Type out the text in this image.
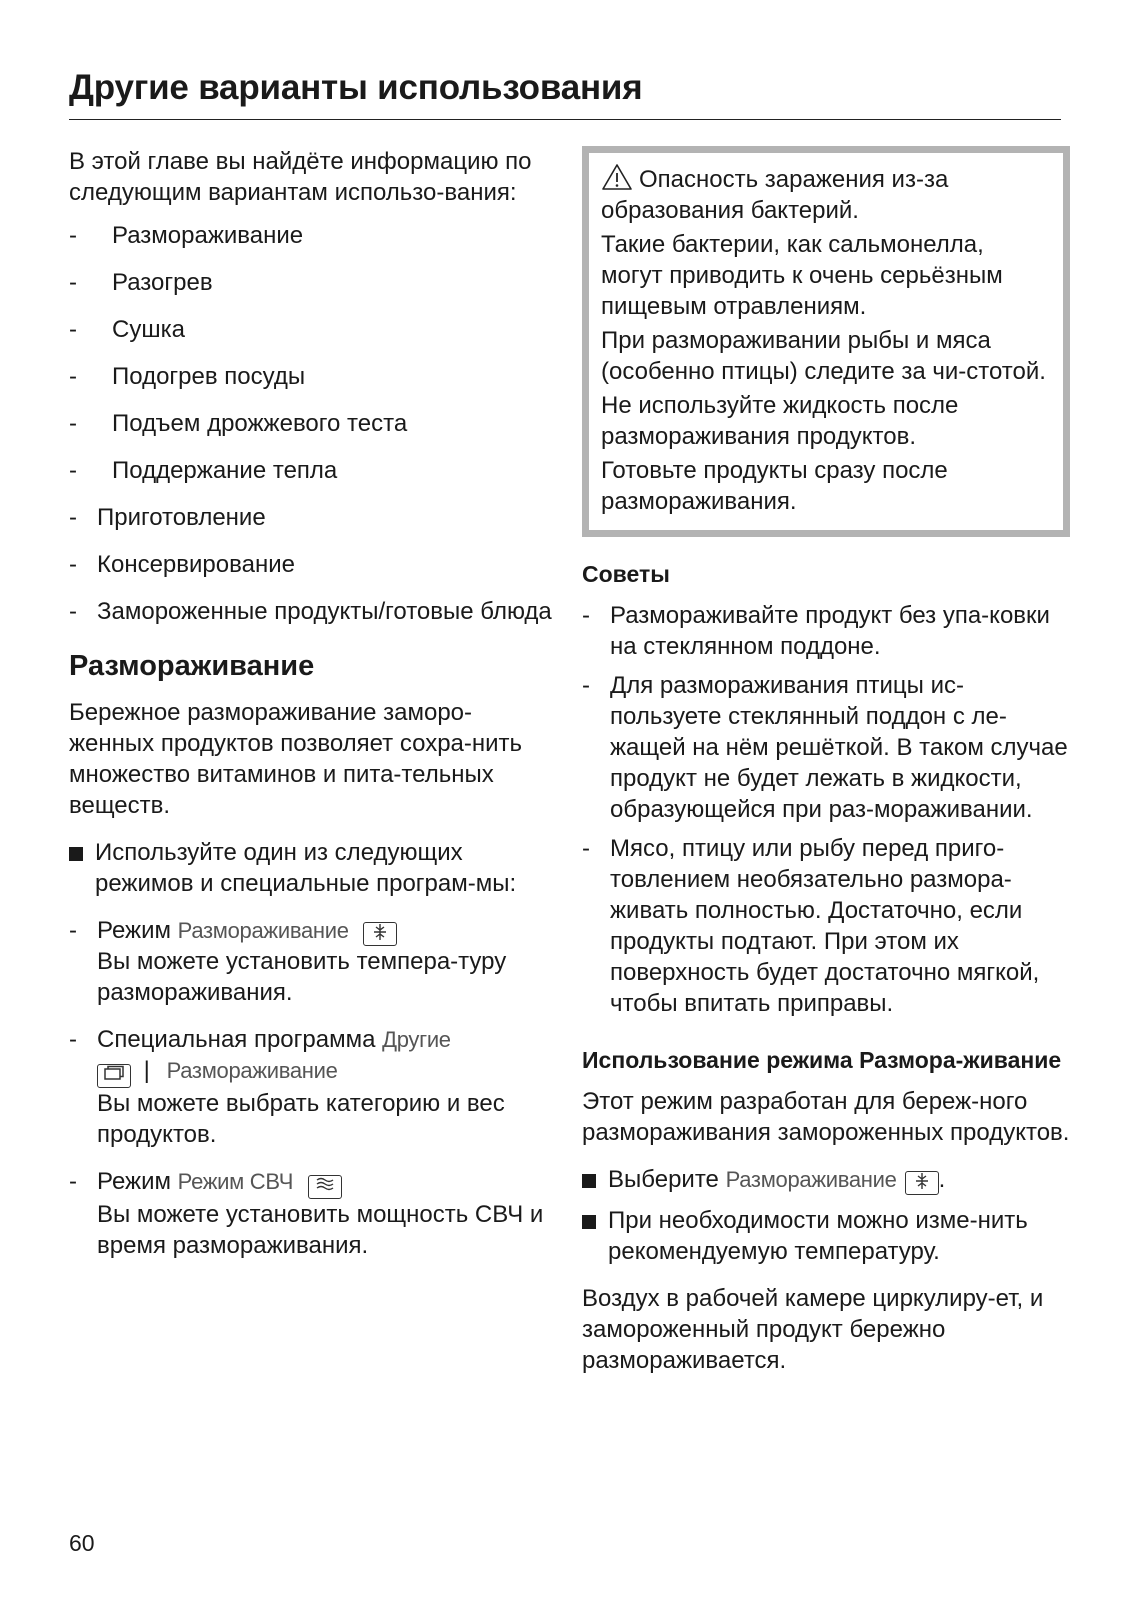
Другие варианты использования

В этой главе вы найдёте информацию по следующим вариантам использо-вания:

- Размораживание
- Разогрев
- Сушка
- Подогрев посуды
- Подъем дрожжевого теста
- Поддержание тепла
- Приготовление
- Консервирование
- Замороженные продукты/готовые блюда
Размораживание

Бережное размораживание заморо-женных продуктов позволяет сохра-нить множество витаминов и пита-тельных веществ.

Используйте один из следующих режимов и специальные програм-мы:
- Режим Размораживание
Вы можете установить темпера-туру размораживания.
- Специальная программа Другие
| Размораживание
Вы можете выбрать категорию и вес продуктов.
- Режим Режим СВЧ
Вы можете установить мощность СВЧ и время размораживания.

Опасность заражения из-за образования бактерий.

Такие бактерии, как сальмонелла, могут приводить к очень серьёзным пищевым отравлениям.

При размораживании рыбы и мяса (особенно птицы) следите за чи-стотой.

Не используйте жидкость после размораживания продуктов.

Готовьте продукты сразу после размораживания.

Советы
- Размораживайте продукт без упа-ковки на стеклянном поддоне.
- Для размораживания птицы ис-пользуете стеклянный поддон с ле-жащей на нём решёткой. В таком случае продукт не будет лежать в жидкости, образующейся при раз-мораживании.
- Мясо, птицу или рыбу перед приго-товлением необязательно размора-живать полностью. Достаточно, если продукты подтают. При этом их поверхность будет достаточно мягкой, чтобы впитать приправы.
Использование режима Размора-живание

Этот режим разработан для береж-ного размораживания замороженных продуктов.

Выберите Размораживание .
При необходимости можно изме-нить рекомендуемую температуру.

Воздух в рабочей камере циркулиру-ет, и замороженный продукт бережно размораживается.

60
